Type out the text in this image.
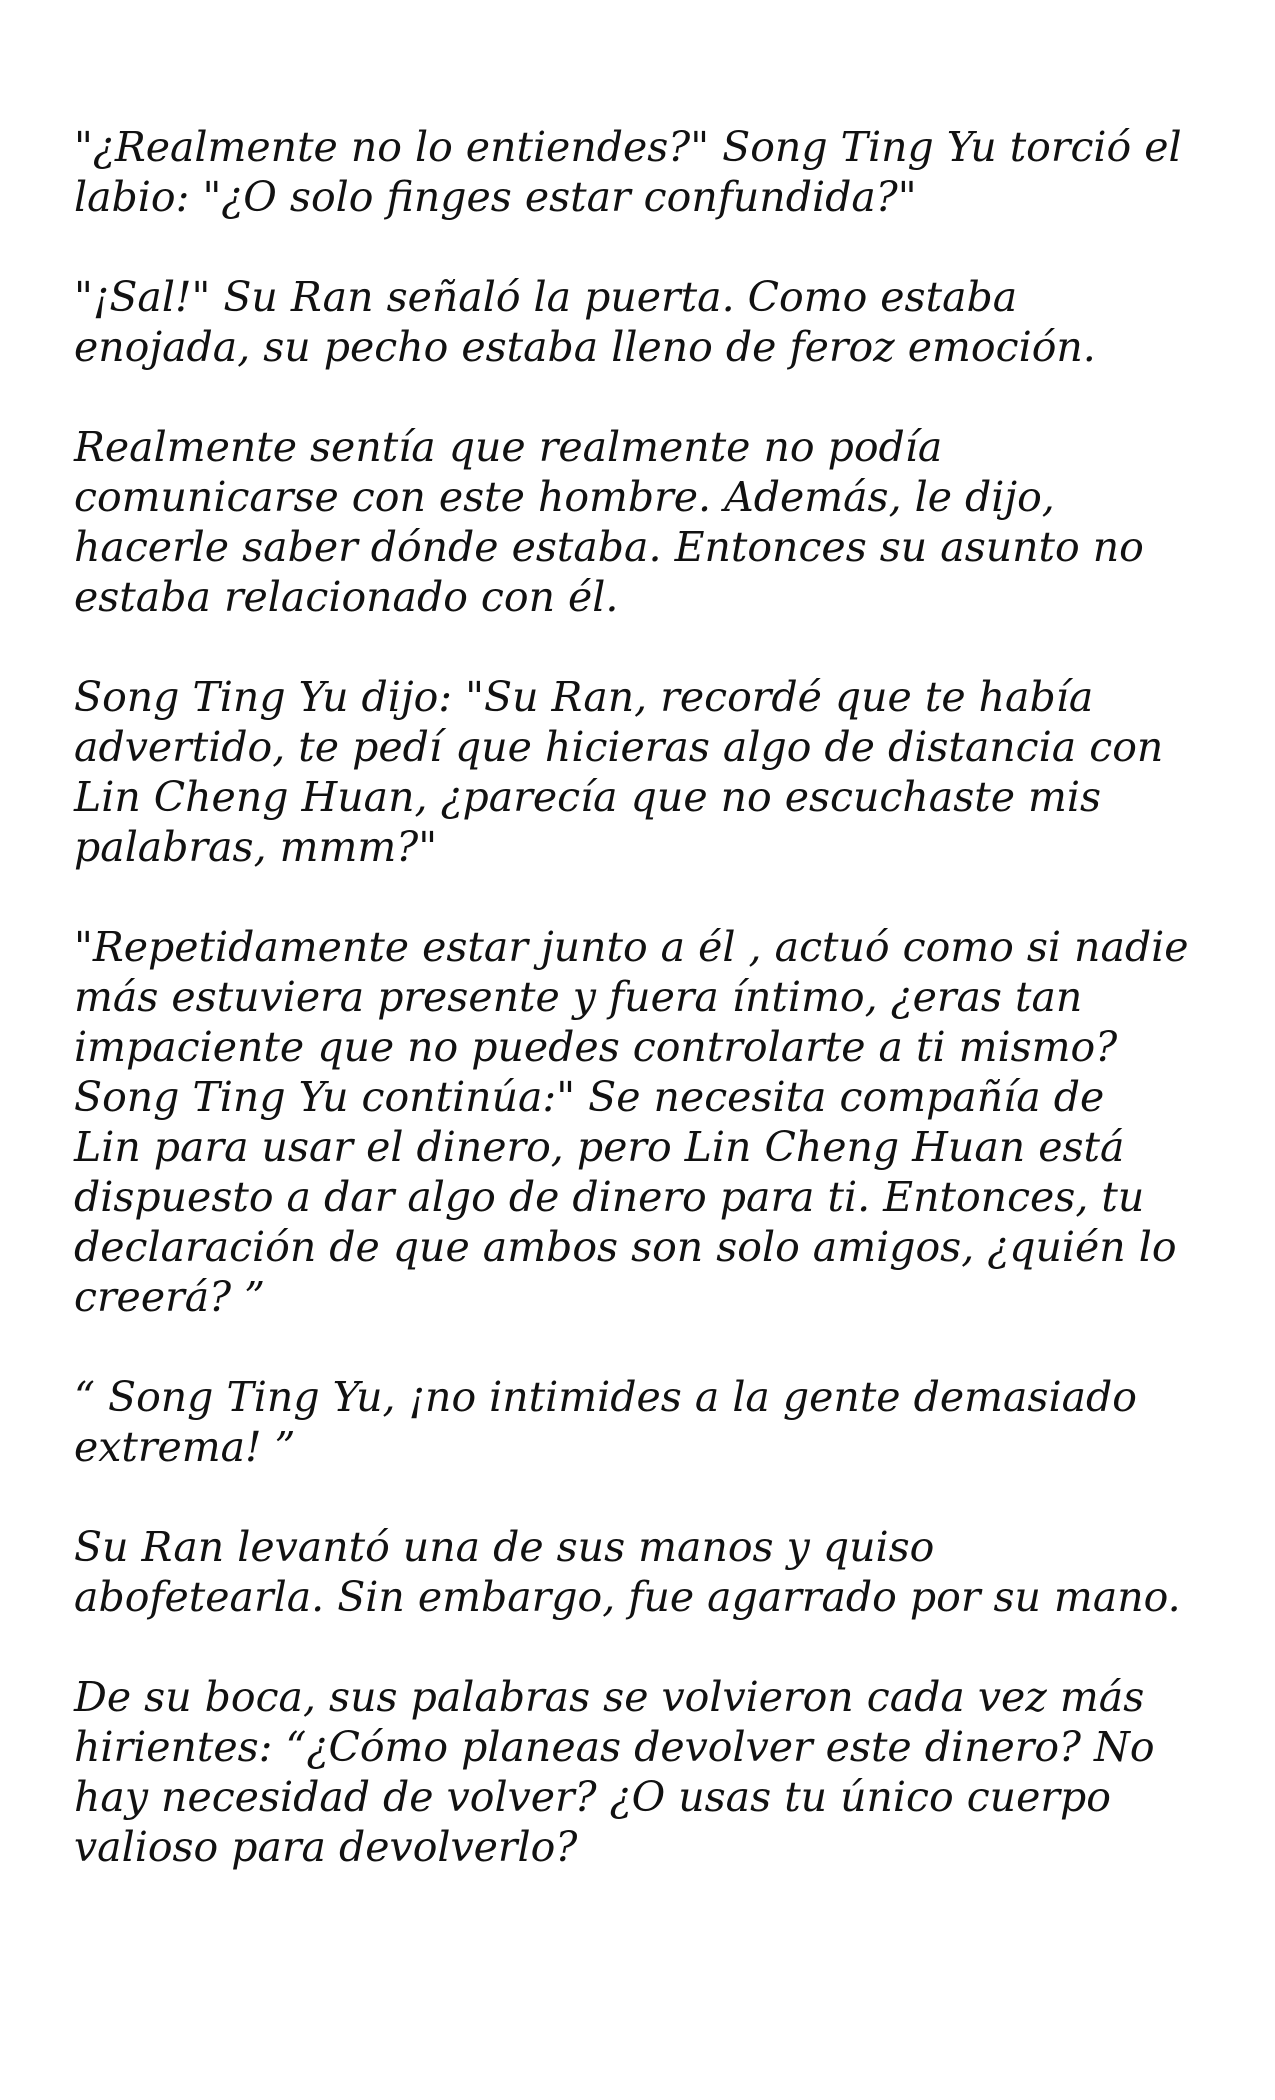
"¿Realmente no lo entiendes?" Song Ting Yu torció el
labio: "¿O solo finges estar confundida?"

"¡Sal!" Su Ran señaló la puerta. Como estaba
enojada, su pecho estaba lleno de feroz emoción.

Realmente sentía que realmente no podía
comunicarse con este hombre. Además, le dijo,
hacerle saber dónde estaba. Entonces su asunto no
estaba relacionado con él.

Song Ting Yu dijo: "Su Ran, recordé que te había
advertido, te pedí que hicieras algo de distancia con
Lin Cheng Huan, ¿parecía que no escuchaste mis
palabras, mmm?"

"Repetidamente estar junto a él , actuó como si nadie
más estuviera presente y fuera íntimo, ¿eras tan
impaciente que no puedes controlarte a ti mismo?
Song Ting Yu continúa:" Se necesita compañía de
Lin para usar el dinero, pero Lin Cheng Huan está
dispuesto a dar algo de dinero para ti. Entonces, tu
declaración de que ambos son solo amigos, ¿quién lo
creerá? ”

“ Song Ting Yu, ¡no intimides a la gente demasiado
extrema! ”

Su Ran levantó una de sus manos y quiso
abofetearla. Sin embargo, fue agarrado por su mano.

De su boca, sus palabras se volvieron cada vez más
hirientes: “¿Cómo planeas devolver este dinero? No
hay necesidad de volver? ¿O usas tu único cuerpo
valioso para devolverlo?
